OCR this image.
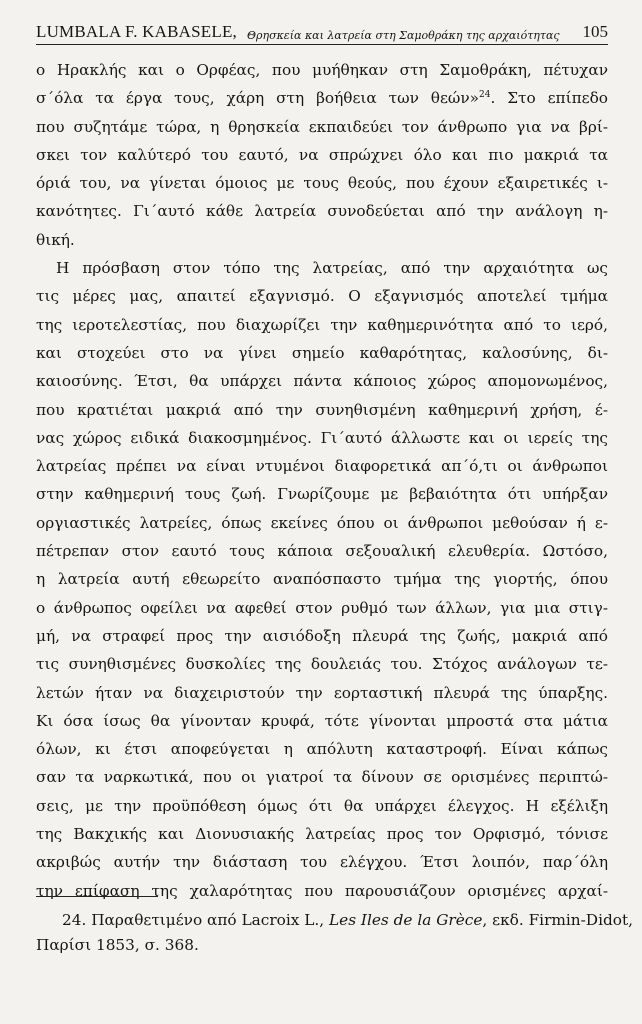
LUMBALA F. KABASELE, Θρησκεία και λατρεία στη Σαμοθράκη της αρχαιότητας	105
ο Ηρακλής και ο Ορφέας, που μυήθηκαν στη Σαμοθράκη, πέτυχαν
σ΄όλα τα έργα τους, χάρη στη βοήθεια των θεών»$^{24}$. Στο επίπεδο
που συζητάμε τώρα, η θρησκεία εκπαιδεύει τον άνθρωπο για να βρί-
σκει τον καλύτερό του εαυτό, να σπρώχνει όλο και πιο μακριά τα
όριά του, να γίνεται όμοιος με τους θεούς, που έχουν εξαιρετικές ι-
κανότητες. Γι΄αυτό κάθε λατρεία συνοδεύεται από την ανάλογη η-
θική.
Η πρόσβαση στον τόπο της λατρείας, από την αρχαιότητα ως
τις μέρες μας, απαιτεί εξαγνισμό. Ο εξαγνισμός αποτελεί τμήμα
της ιεροτελεστίας, που διαχωρίζει την καθημερινότητα από το ιερό,
και στοχεύει στο να γίνει σημείο καθαρότητας, καλοσύνης, δι-
καιοσύνης. Έτσι, θα υπάρχει πάντα κάποιος χώρος απομονωμένος,
που κρατιέται μακριά από την συνηθισμένη καθημερινή χρήση, έ-
νας χώρος ειδικά διακοσμημένος. Γι΄αυτό άλλωστε και οι ιερείς της
λατρείας πρέπει να είναι ντυμένοι διαφορετικά απ΄ό,τι οι άνθρωποι
στην καθημερινή τους ζωή. Γνωρίζουμε με βεβαιότητα ότι υπήρξαν
οργιαστικές λατρείες, όπως εκείνες όπου οι άνθρωποι μεθούσαν ή ε-
πέτρεπαν στον εαυτό τους κάποια σεξουαλική ελευθερία. Ωστόσο,
η λατρεία αυτή εθεωρείτο αναπόσπαστο τμήμα της γιορτής, όπου
ο άνθρωπος οφείλει να αφεθεί στον ρυθμό των άλλων, για μια στιγ-
μή, να στραφεί προς την αισιόδοξη πλευρά της ζωής, μακριά από
τις συνηθισμένες δυσκολίες της δουλειάς του. Στόχος ανάλογων τε-
λετών ήταν να διαχειριστούν την εορταστική πλευρά της ύπαρξης.
Κι όσα ίσως θα γίνονταν κρυφά, τότε γίνονται μπροστά στα μάτια
όλων, κι έτσι αποφεύγεται η απόλυτη καταστροφή. Είναι κάπως
σαν τα ναρκωτικά, που οι γιατροί τα δίνουν σε ορισμένες περιπτώ-
σεις, με την προϋπόθεση όμως ότι θα υπάρχει έλεγχος. Η εξέλιξη
της Βακχικής και Διονυσιακής λατρείας προς τον Ορφισμό, τόνισε
ακριβώς αυτήν την διάσταση του ελέγχου. Έτσι λοιπόν, παρ΄όλη
την επίφαση της χαλαρότητας που παρουσιάζουν ορισμένες αρχαί-
24. Παραθετιμένο από Lacroix L., Les Iles de la Grèce, εκδ. Firmin-Didot,
Παρίσι 1853, σ. 368.
